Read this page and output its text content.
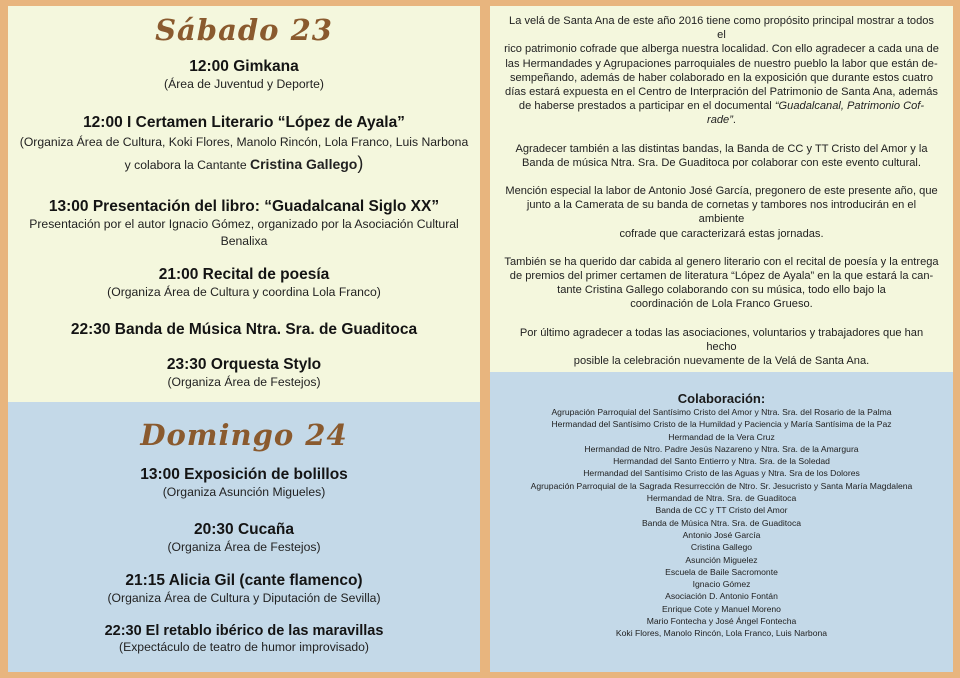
Sábado 23
12:00 Gimkana
(Área de Juventud y Deporte)
12:00 I Certamen Literario “López de Ayala”
(Organiza Área de Cultura, Koki Flores, Manolo Rincón, Lola Franco, Luis Narbona
y colabora la Cantante Cristina Gallego)
13:00 Presentación del libro: “Guadalcanal Siglo XX”
Presentación por el autor Ignacio Gómez, organizado por la Asociación Cultural
Benalixa
21:00 Recital de poesía
(Organiza Área de Cultura y coordina Lola Franco)
22:30 Banda de Música Ntra. Sra. de Guaditoca
23:30 Orquesta Stylo
(Organiza Área de Festejos)
Domingo 24
13:00 Exposición de bolillos
(Organiza Asunción Migueles)
20:30 Cucaña
(Organiza Área de Festejos)
21:15 Alicia Gil (cante flamenco)
(Organiza Área de Cultura y Diputación de Sevilla)
22:30 El retablo ibérico de las maravillas
(Expectáculo de teatro de humor improvisado)

La velá de Santa Ana de este año 2016 tiene como propósito principal mostrar a todos el
rico patrimonio cofrade que alberga nuestra localidad. Con ello agradecer a cada una de
las Hermandades y Agrupaciones parroquiales de nuestro pueblo la labor que están de-
sempeñando, además de haber colaborado en la exposición que durante estos cuatro
días estará expuesta en el Centro de Interpración del Patrimonio de Santa Ana, además
de haberse prestados a participar en el documental “Guadalcanal, Patrimonio Cof-
rade”.

Agradecer también a las distintas bandas, la Banda de CC y TT Cristo del Amor y la
Banda de música Ntra. Sra. De Guaditoca por colaborar con este evento cultural.

Mención especial la labor de Antonio José García, pregonero de este presente año, que
junto a la Camerata de su banda de cornetas y tambores nos introducirán en el ambiente
cofrade que caracterizará estas jornadas.

También se ha querido dar cabida al genero literario con el recital de poesía y la entrega
de premios del primer certamen de literatura “López de Ayala” en la que estará la can-
tante Cristina Gallego colaborando con su música, todo ello bajo la
coordinación de Lola Franco Grueso.

Por último agradecer a todas las asociaciones, voluntarios y trabajadores que han hecho
posible la celebración nuevamente de la Velá de Santa Ana.

Colaboración:
Agrupación Parroquial del Santísimo Cristo del Amor y Ntra. Sra. del Rosario de la Palma
Hermandad del Santísimo Cristo de la Humildad y Paciencia y María Santísima de la Paz
Hermandad de la Vera Cruz
Hermandad de Ntro. Padre Jesús Nazareno y Ntra. Sra. de la Amargura
Hermandad del Santo Entierro y Ntra. Sra. de la Soledad
Hermandad del Santísimo Cristo de las Aguas y Ntra. Sra de los Dolores
Agrupación Parroquial de la Sagrada Resurrección de Ntro. Sr. Jesucristo y Santa María Magdalena
Hermandad de Ntra. Sra. de Guaditoca
Banda de CC y TT Cristo del Amor
Banda de Música Ntra. Sra. de Guaditoca
Antonio José García
Cristina Gallego
Asunción Miguelez
Escuela de Baile Sacromonte
Ignacio Gómez
Asociación D. Antonio Fontán
Enrique Cote y Manuel Moreno
Mario Fontecha y José Ángel Fontecha
Koki Flores, Manolo Rincón, Lola Franco, Luis Narbona
